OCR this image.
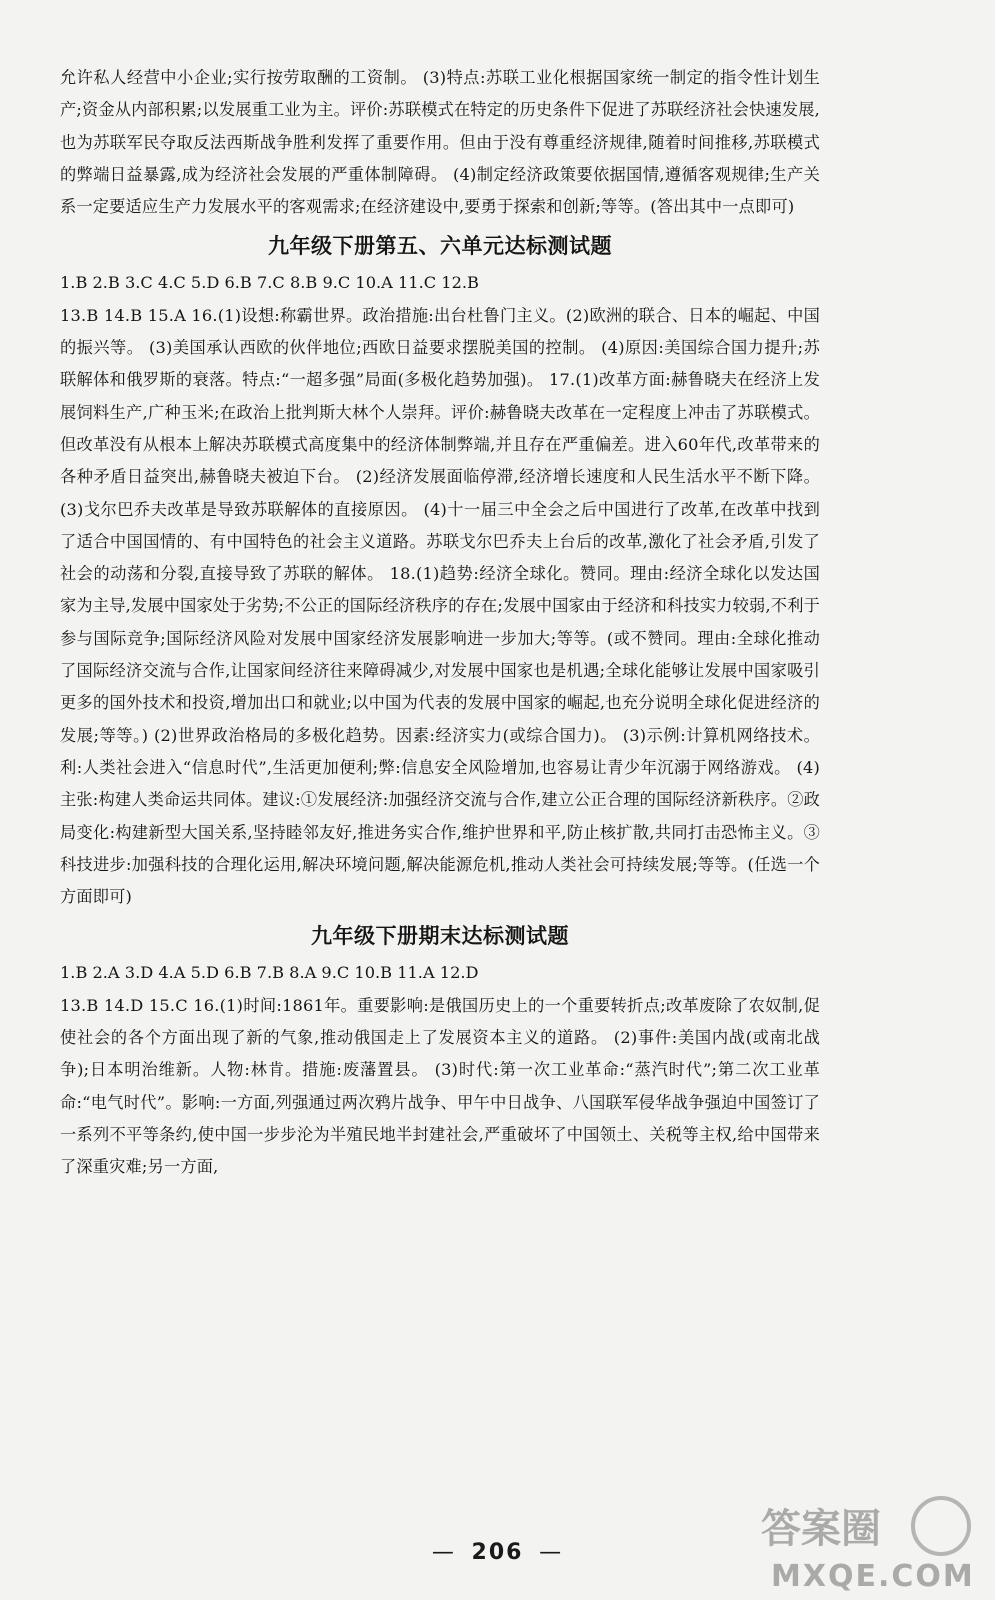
允许私人经营中小企业;实行按劳取酬的工资制。 (3)特点:苏联工业化根据国家统一制定的指令性计划生产;资金从内部积累;以发展重工业为主。评价:苏联模式在特定的历史条件下促进了苏联经济社会快速发展,也为苏联军民夺取反法西斯战争胜利发挥了重要作用。但由于没有尊重经济规律,随着时间推移,苏联模式的弊端日益暴露,成为经济社会发展的严重体制障碍。 (4)制定经济政策要依据国情,遵循客观规律;生产关系一定要适应生产力发展水平的客观需求;在经济建设中,要勇于探索和创新;等等。(答出其中一点即可)

九年级下册第五、六单元达标测试题
1.B 2.B 3.C 4.C 5.D 6.B 7.C 8.B 9.C 10.A 11.C 12.B

13.B 14.B 15.A 16.(1)设想:称霸世界。政治措施:出台杜鲁门主义。(2)欧洲的联合、日本的崛起、中国的振兴等。 (3)美国承认西欧的伙伴地位;西欧日益要求摆脱美国的控制。 (4)原因:美国综合国力提升;苏联解体和俄罗斯的衰落。特点:“一超多强”局面(多极化趋势加强)。 17.(1)改革方面:赫鲁晓夫在经济上发展饲料生产,广种玉米;在政治上批判斯大林个人崇拜。评价:赫鲁晓夫改革在一定程度上冲击了苏联模式。但改革没有从根本上解决苏联模式高度集中的经济体制弊端,并且存在严重偏差。进入60年代,改革带来的各种矛盾日益突出,赫鲁晓夫被迫下台。 (2)经济发展面临停滞,经济增长速度和人民生活水平不断下降。 (3)戈尔巴乔夫改革是导致苏联解体的直接原因。 (4)十一届三中全会之后中国进行了改革,在改革中找到了适合中国国情的、有中国特色的社会主义道路。苏联戈尔巴乔夫上台后的改革,激化了社会矛盾,引发了社会的动荡和分裂,直接导致了苏联的解体。 18.(1)趋势:经济全球化。赞同。理由:经济全球化以发达国家为主导,发展中国家处于劣势;不公正的国际经济秩序的存在;发展中国家由于经济和科技实力较弱,不利于参与国际竞争;国际经济风险对发展中国家经济发展影响进一步加大;等等。(或不赞同。理由:全球化推动了国际经济交流与合作,让国家间经济往来障碍减少,对发展中国家也是机遇;全球化能够让发展中国家吸引更多的国外技术和投资,增加出口和就业;以中国为代表的发展中国家的崛起,也充分说明全球化促进经济的发展;等等。) (2)世界政治格局的多极化趋势。因素:经济实力(或综合国力)。 (3)示例:计算机网络技术。利:人类社会进入“信息时代”,生活更加便利;弊:信息安全风险增加,也容易让青少年沉溺于网络游戏。 (4)主张:构建人类命运共同体。建议:①发展经济:加强经济交流与合作,建立公正合理的国际经济新秩序。②政局变化:构建新型大国关系,坚持睦邻友好,推进务实合作,维护世界和平,防止核扩散,共同打击恐怖主义。③科技进步:加强科技的合理化运用,解决环境问题,解决能源危机,推动人类社会可持续发展;等等。(任选一个方面即可)

九年级下册期末达标测试题
1.B 2.A 3.D 4.A 5.D 6.B 7.B 8.A 9.C 10.B 11.A 12.D

13.B 14.D 15.C 16.(1)时间:1861年。重要影响:是俄国历史上的一个重要转折点;改革废除了农奴制,促使社会的各个方面出现了新的气象,推动俄国走上了发展资本主义的道路。 (2)事件:美国内战(或南北战争);日本明治维新。人物:林肯。措施:废藩置县。 (3)时代:第一次工业革命:“蒸汽时代”;第二次工业革命:“电气时代”。影响:一方面,列强通过两次鸦片战争、甲午中日战争、八国联军侵华战争强迫中国签订了一系列不平等条约,使中国一步步沦为半殖民地半封建社会,严重破坏了中国领土、关税等主权,给中国带来了深重灾难;另一方面,

— 206 —
答案圈
MXQE.COM
